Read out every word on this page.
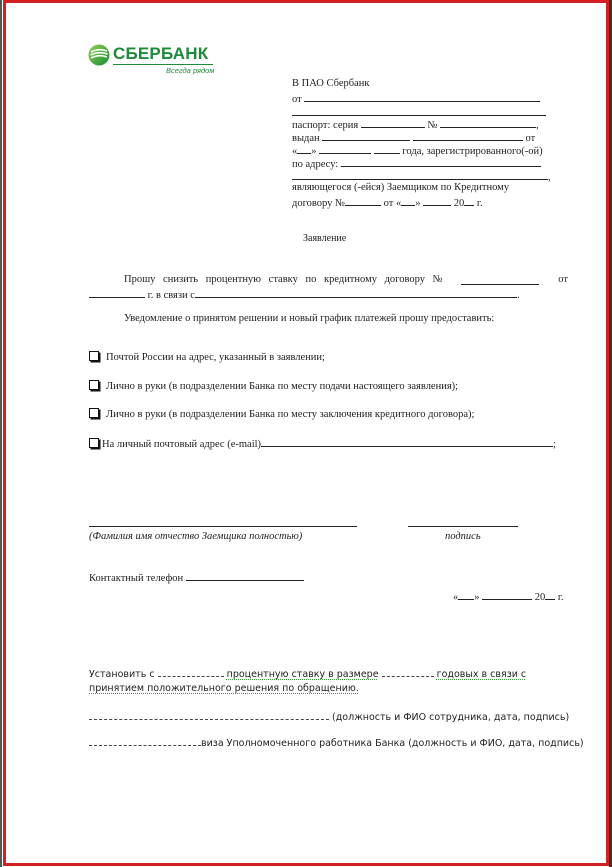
СБЕРБАНК
Всегда рядом
В ПАО Сбербанк
от
паспорт: серия	№	,
выдан	от
« »	года, зарегистрированного(-ой)
по адресу:
,
являющегося (-ейся) Заемщиком по Кредитному
договору №	от « »	20 г.
Заявление
Прошу снизить процентную ставку по кредитному договору №	от
г. в связи с	.
Уведомление о принятом решении и новый график платежей прошу предоставить:
Почтой России на адрес, указанный в заявлении;
Лично в руки (в подразделении Банка по месту подачи настоящего заявления);
Лично в руки (в подразделении Банка по месту заключения кредитного договора);
На личный почтовый адрес (e-mail)	;
(Фамилия имя отчество Заемщика полностью)	подпись
Контактный телефон
« »	20 г.
Установить с	процентную ставку в размере	годовых в связи с
принятием положительного решения по обращению.
(должность и ФИО сотрудника, дата, подпись)
виза Уполномоченного работника Банка (должность и ФИО, дата, подпись)
